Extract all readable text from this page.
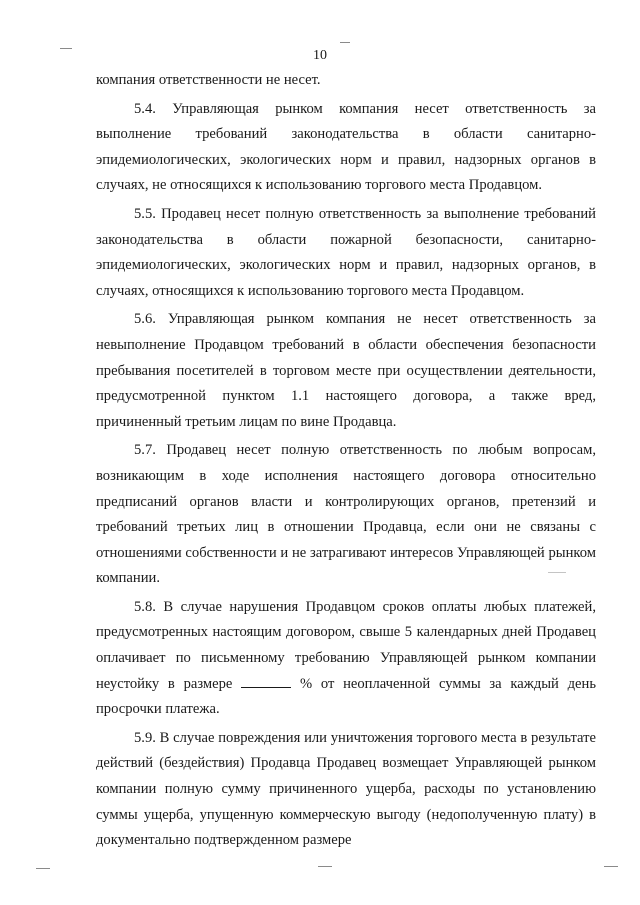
10

компания ответственности не несет.

5.4. Управляющая рынком компания несет ответственность за выполнение требований законодательства в области санитарно-эпидемиологических, экологических норм и правил, надзорных органов в случаях, не относящихся к использованию торгового места Продавцом.

5.5. Продавец несет полную ответственность за выполнение требований законодательства в области пожарной безопасности, санитарно-эпидемиологических, экологических норм и правил, надзорных органов, в случаях, относящихся к использованию торгового места Продавцом.

5.6. Управляющая рынком компания не несет ответственность за невыполнение Продавцом требований в области обеспечения безопасности пребывания посетителей в торговом месте при осуществлении деятельности, предусмотренной пунктом 1.1 настоящего договора, а также вред, причиненный третьим лицам по вине Продавца.

5.7. Продавец несет полную ответственность по любым вопросам, возникающим в ходе исполнения настоящего договора относительно предписаний органов власти и контролирующих органов, претензий и требований третьих лиц в отношении Продавца, если они не связаны с отношениями собственности и не затрагивают интересов Управляющей рынком компании.

5.8. В случае нарушения Продавцом сроков оплаты любых платежей, предусмотренных настоящим договором, свыше 5 календарных дней Продавец оплачивает по письменному требованию Управляющей рынком компании неустойку в размере	% от неоплаченной суммы за каждый день просрочки платежа.

5.9. В случае повреждения или уничтожения торгового места в результате действий (бездействия) Продавца Продавец возмещает Управляющей рынком компании полную сумму причиненного ущерба, расходы по установлению суммы ущерба, упущенную коммерческую выгоду (недополученную плату) в документально подтвержденном размере
